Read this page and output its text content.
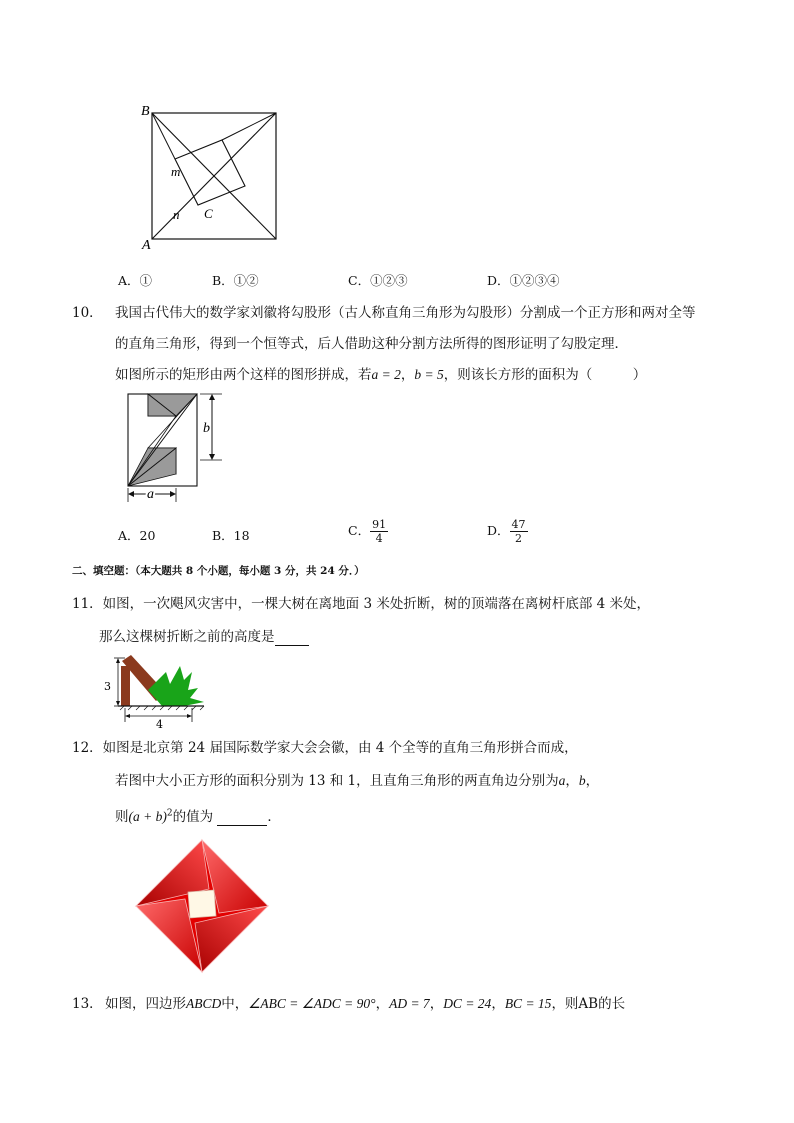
B
A
C
m
n
A．①	B．①②	C．①②③	D．①②③④
10． 我国古代伟大的数学家刘徽将勾股形（古人称直角三角形为勾股形）分割成一个正方形和两对全等
的直角三角形，得到一个恒等式，后人借助这种分割方法所得的图形证明了勾股定理．
如图所示的矩形由两个这样的图形拼成，若a = 2，b = 5，则该长方形的面积为（　　　）
b
a
A．20	B．18	C． $\frac{91}{4}$	D． $\frac{47}{2}$
二、填空题：（本大题共 8 个小题，每小题 3 分，共 24 分．）
11．如图，一次飓风灾害中，一棵大树在离地面 3 米处折断，树的顶端落在离树杆底部 4 米处，
那么这棵树折断之前的高度是
3
4
12．如图是北京第 24 届国际数学家大会会徽，由 4 个全等的直角三角形拼合而成，
若图中大小正方形的面积分别为 13 和 1，且直角三角形的两直角边分别为a，b，
则$(a + b)^2$的值为	．
13． 如图，四边形ABCD中，∠ABC = ∠ADC = 90°，AD = 7，DC = 24，BC = 15，则AB的长
